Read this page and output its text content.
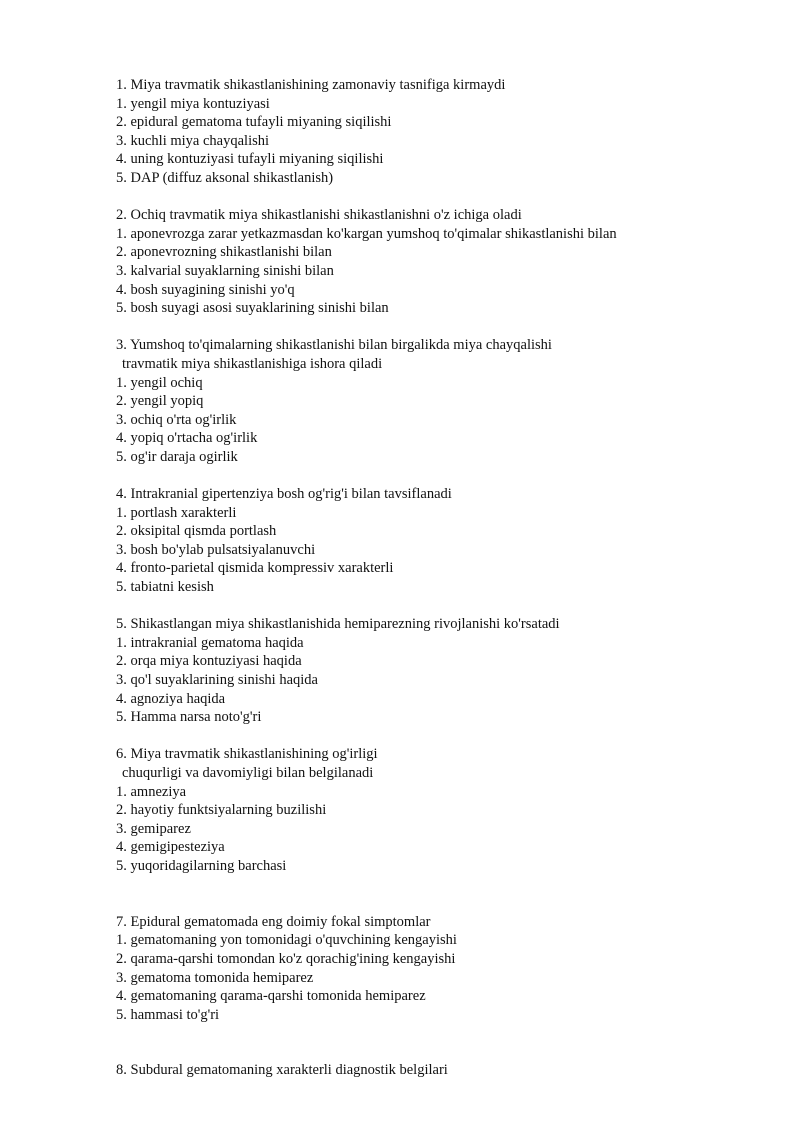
1. Miya travmatik shikastlanishining zamonaviy tasnifiga kirmaydi
1. yengil miya kontuziyasi
2. epidural gematoma tufayli miyaning siqilishi
3. kuchli miya chayqalishi
4. uning kontuziyasi tufayli miyaning siqilishi
5. DAP (diffuz aksonal shikastlanish)
2. Ochiq travmatik miya shikastlanishi shikastlanishni o'z ichiga oladi
1. aponevrozga zarar yetkazmasdan ko'kargan yumshoq to'qimalar shikastlanishi bilan
2. aponevrozning shikastlanishi bilan
3. kalvarial suyaklarning sinishi bilan
4. bosh suyagining sinishi yo'q
5. bosh suyagi asosi suyaklarining sinishi bilan
3. Yumshoq to'qimalarning shikastlanishi bilan birgalikda miya chayqalishi
travmatik miya shikastlanishiga ishora qiladi
1. yengil ochiq
2. yengil yopiq
3. ochiq o'rta og'irlik
4. yopiq o'rtacha og'irlik
5. og'ir daraja ogirlik
4. Intrakranial gipertenziya bosh og'rig'i bilan tavsiflanadi
1. portlash xarakterli
2. oksipital qismda portlash
3. bosh bo'ylab pulsatsiyalanuvchi
4. fronto-parietal qismida kompressiv xarakterli
5. tabiatni kesish
5. Shikastlangan miya shikastlanishida hemiparezning rivojlanishi ko'rsatadi
1. intrakranial gematoma haqida
2. orqa miya kontuziyasi haqida
3. qo'l suyaklarining sinishi haqida
4. agnoziya haqida
5. Hamma narsa noto'g'ri
6. Miya travmatik shikastlanishining og'irligi
chuqurligi va davomiyligi bilan belgilanadi
1. amneziya
2. hayotiy funktsiyalarning buzilishi
3. gemiparez
4. gemigipesteziya
5. yuqoridagilarning barchasi
7. Epidural gematomada eng doimiy fokal simptomlar
1. gematomaning yon tomonidagi o'quvchining kengayishi
2. qarama-qarshi tomondan ko'z qorachig'ining kengayishi
3. gematoma tomonida hemiparez
4. gematomaning qarama-qarshi tomonida hemiparez
5. hammasi to'g'ri
8. Subdural gematomaning xarakterli diagnostik belgilari
